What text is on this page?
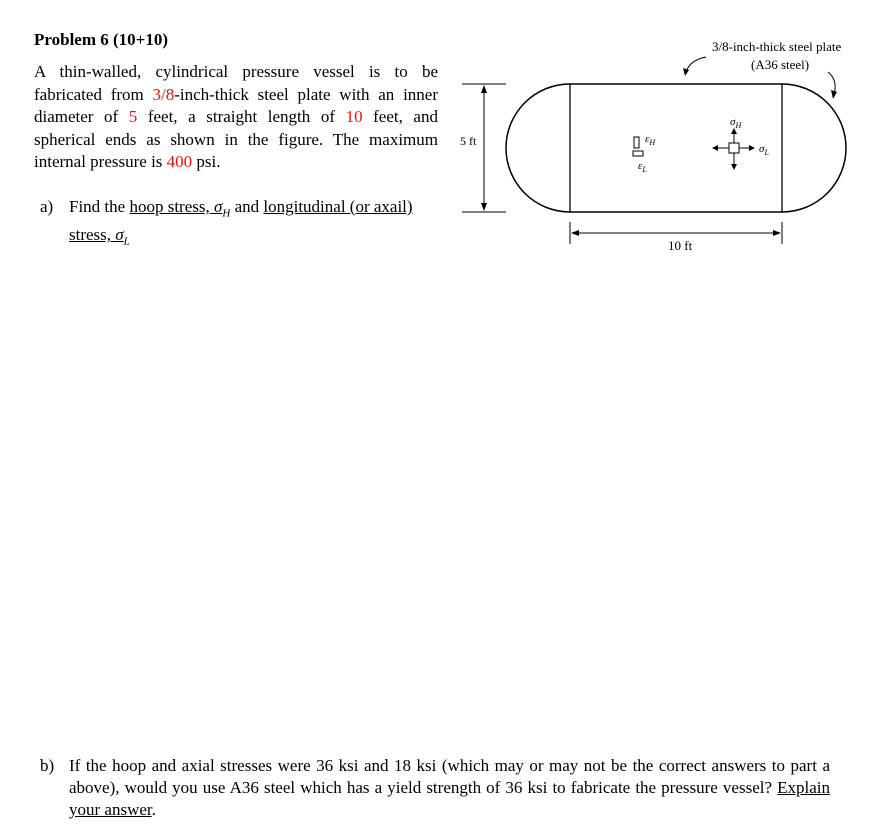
Problem 6 (10+10)
A thin-walled, cylindrical pressure vessel is to be fabricated from 3/8-inch-thick steel plate with an inner diameter of 5 feet, a straight length of 10 feet, and spherical ends as shown in the figure. The maximum internal pressure is 400 psi.
a) Find the hoop stress, $\sigma_H$ and longitudinal (or axail) stress, $\sigma_L$
5 ft
10 ft
3/8-inch-thick steel plate
(A36 steel)
$\varepsilon_H$
$\varepsilon_L$
$\sigma_H$
$\sigma_L$
b) If the hoop and axial stresses were 36 ksi and 18 ksi (which may or may not be the correct answers to part a above), would you use A36 steel which has a yield strength of 36 ksi to fabricate the pressure vessel? Explain your answer.
